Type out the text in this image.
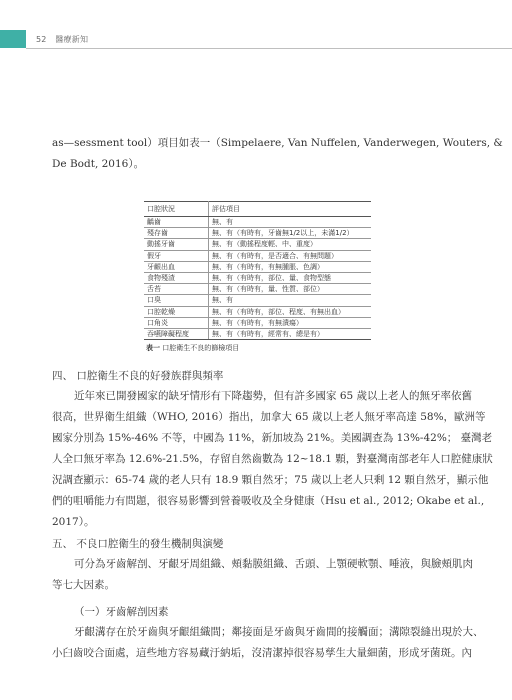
52 醫療新知
as—sessment tool）項目如表一（Simpelaere, Van Nuffelen, Vanderwegen, Wouters, &
De Bodt, 2016）。
口腔狀況	評估項目
齲齒	無、有
殘存齒	無、有（有時有，牙齒無1/2以上，未滿1/2）
動搖牙齒	無、有（動搖程度輕、中、重度）
假牙	無、有（有時有，是否適合、有無問題）
牙齦出血	無、有（有時有，有無腫脹、色調）
食物殘渣	無、有（有時有，部位、量、食物型態
舌苔	無、有（有時有，量、性質、部位）
口臭	無、有
口腔乾燥	無、有（有時有，部位、程度、有無出血）
口角炎	無、有（有時有，有無潰瘍）
吞嚥障礙程度	無、有（有時有，經常有、總是有）
表一 口腔衛生不良的篩檢項目
四、 口腔衛生不良的好發族群與頻率
近年來已開發國家的缺牙情形有下降趨勢，但有許多國家 65 歲以上老人的無牙率依舊
很高，世界衛生組織（WHO, 2016）指出，加拿大 65 歲以上老人無牙率高達 58%，歐洲等
國家分別為 15%-46% 不等，中國為 11%，新加坡為 21%。美國調查為 13%-42%； 臺灣老
人全口無牙率為 12.6%-21.5%，存留自然齒數為 12~18.1 顆，對臺灣南部老年人口腔健康狀
況調查顯示：65-74 歲的老人只有 18.9 顆自然牙；75 歲以上老人只剩 12 顆自然牙，顯示他
們的咀嚼能力有問題，很容易影響到營養吸收及全身健康（Hsu et al., 2012; Okabe et al.,
2017）。
五、 不良口腔衛生的發生機制與演變
可分為牙齒解剖、牙齦牙周組織、頰黏膜組織、舌頭、上顎硬軟顎、唾液，與臉頰肌肉
等七大因素。
（一）牙齒解剖因素
牙齦溝存在於牙齒與牙齦組織間；鄰接面是牙齒與牙齒間的接觸面；溝隙裂縫出現於大、
小臼齒咬合面處，這些地方容易藏汙納垢，沒清潔掉很容易孳生大量細菌，形成牙菌斑。內
